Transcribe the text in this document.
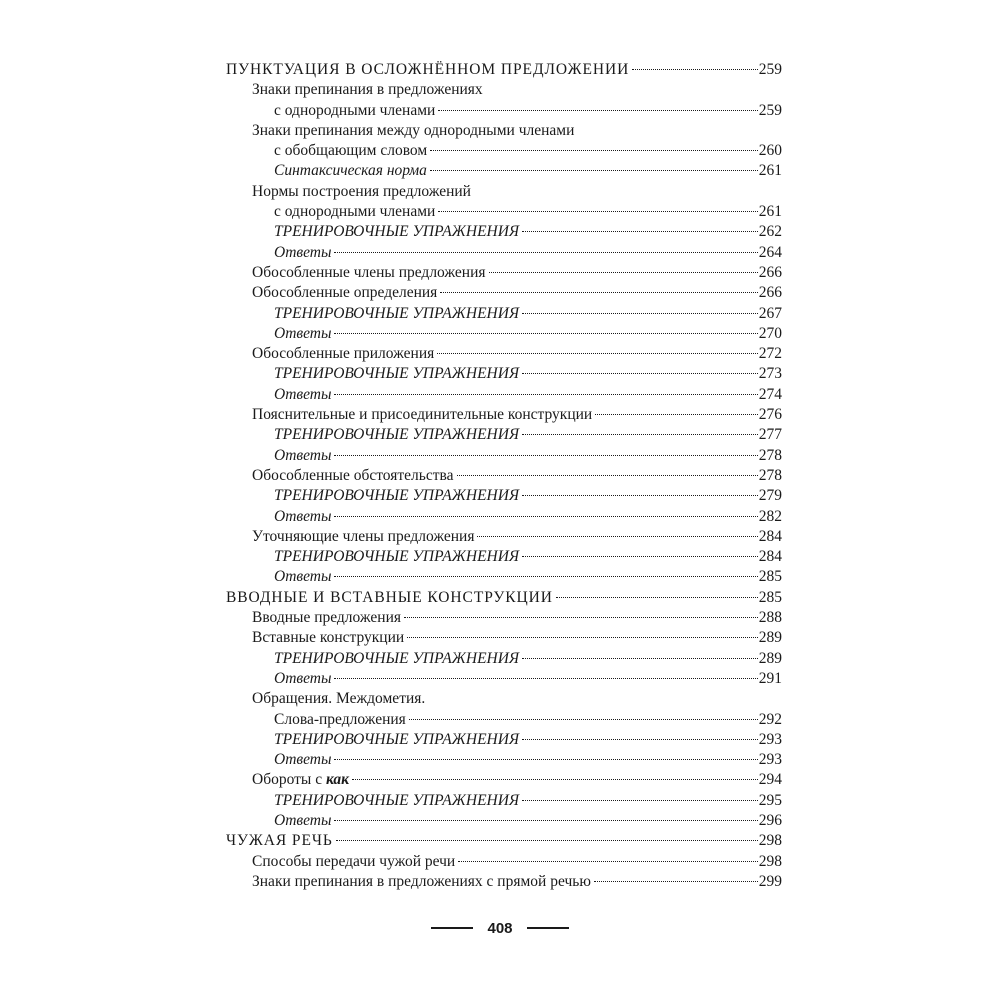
ПУНКТУАЦИЯ В ОСЛОЖНЁННОМ ПРЕДЛОЖЕНИИ	259
Знаки препинания в предложениях
с однородными членами	259
Знаки препинания между однородными членами
с обобщающим словом	260
Синтаксическая норма	261
Нормы построения предложений
с однородными членами	261
ТРЕНИРОВОЧНЫЕ УПРАЖНЕНИЯ	262
Ответы	264
Обособленные члены предложения	266
Обособленные определения	266
ТРЕНИРОВОЧНЫЕ УПРАЖНЕНИЯ	267
Ответы	270
Обособленные приложения	272
ТРЕНИРОВОЧНЫЕ УПРАЖНЕНИЯ	273
Ответы	274
Пояснительные и присоединительные конструкции	276
ТРЕНИРОВОЧНЫЕ УПРАЖНЕНИЯ	277
Ответы	278
Обособленные обстоятельства	278
ТРЕНИРОВОЧНЫЕ УПРАЖНЕНИЯ	279
Ответы	282
Уточняющие члены предложения	284
ТРЕНИРОВОЧНЫЕ УПРАЖНЕНИЯ	284
Ответы	285
ВВОДНЫЕ И ВСТАВНЫЕ КОНСТРУКЦИИ	285
Вводные предложения	288
Вставные конструкции	289
ТРЕНИРОВОЧНЫЕ УПРАЖНЕНИЯ	289
Ответы	291
Обращения. Междометия.
Слова-предложения	292
ТРЕНИРОВОЧНЫЕ УПРАЖНЕНИЯ	293
Ответы	293
Обороты с как	294
ТРЕНИРОВОЧНЫЕ УПРАЖНЕНИЯ	295
Ответы	296
ЧУЖАЯ РЕЧЬ	298
Способы передачи чужой речи	298
Знаки препинания в предложениях с прямой речью	299
408
